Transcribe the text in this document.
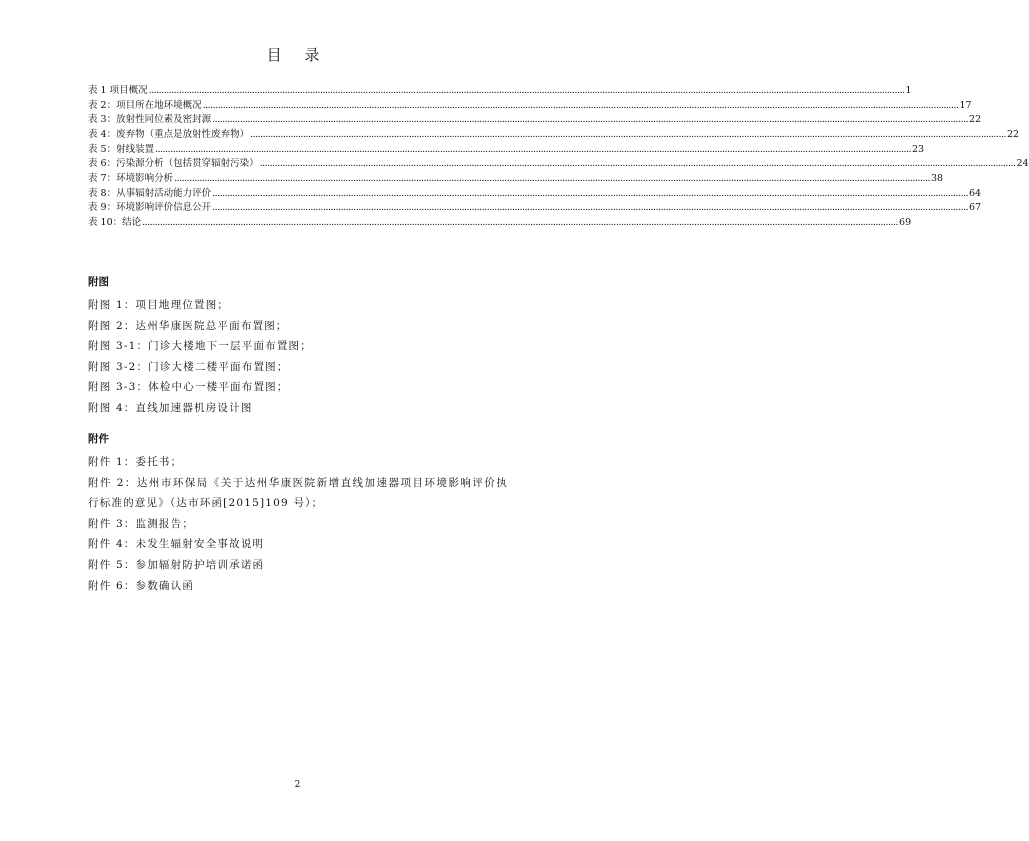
目 录
表 1 项目概况 ............................................................................................................................................................................................................................................................................................................ 1
表 2：项目所在地环境概况 ............................................................................................................................................................................................................................................................................................................ 17
表 3：放射性同位素及密封源 ............................................................................................................................................................................................................................................................................................................ 22
表 4：废弃物（重点是放射性废弃物） ............................................................................................................................................................................................................................................................................................................ 22
表 5：射线装置 ............................................................................................................................................................................................................................................................................................................ 23
表 6：污染源分析（包括贯穿辐射污染） ............................................................................................................................................................................................................................................................................................................ 24
表 7：环境影响分析 ............................................................................................................................................................................................................................................................................................................ 38
表 8：从事辐射活动能力评价 ............................................................................................................................................................................................................................................................................................................ 64
表 9：环境影响评价信息公开 ............................................................................................................................................................................................................................................................................................................ 67
表 10：结论 ............................................................................................................................................................................................................................................................................................................ 69
附图
附图 1：项目地理位置图；
附图 2：达州华康医院总平面布置图；
附图 3-1：门诊大楼地下一层平面布置图；
附图 3-2：门诊大楼二楼平面布置图；
附图 3-3：体检中心一楼平面布置图；
附图 4：直线加速器机房设计图
附件
附件 1：委托书；
附件 2：达州市环保局《关于达州华康医院新增直线加速器项目环境影响评价执行标准的意见》（达市环函[2015]109 号）；
附件 3：监测报告；
附件 4：未发生辐射安全事故说明
附件 5：参加辐射防护培训承诺函
附件 6：参数确认函
2
